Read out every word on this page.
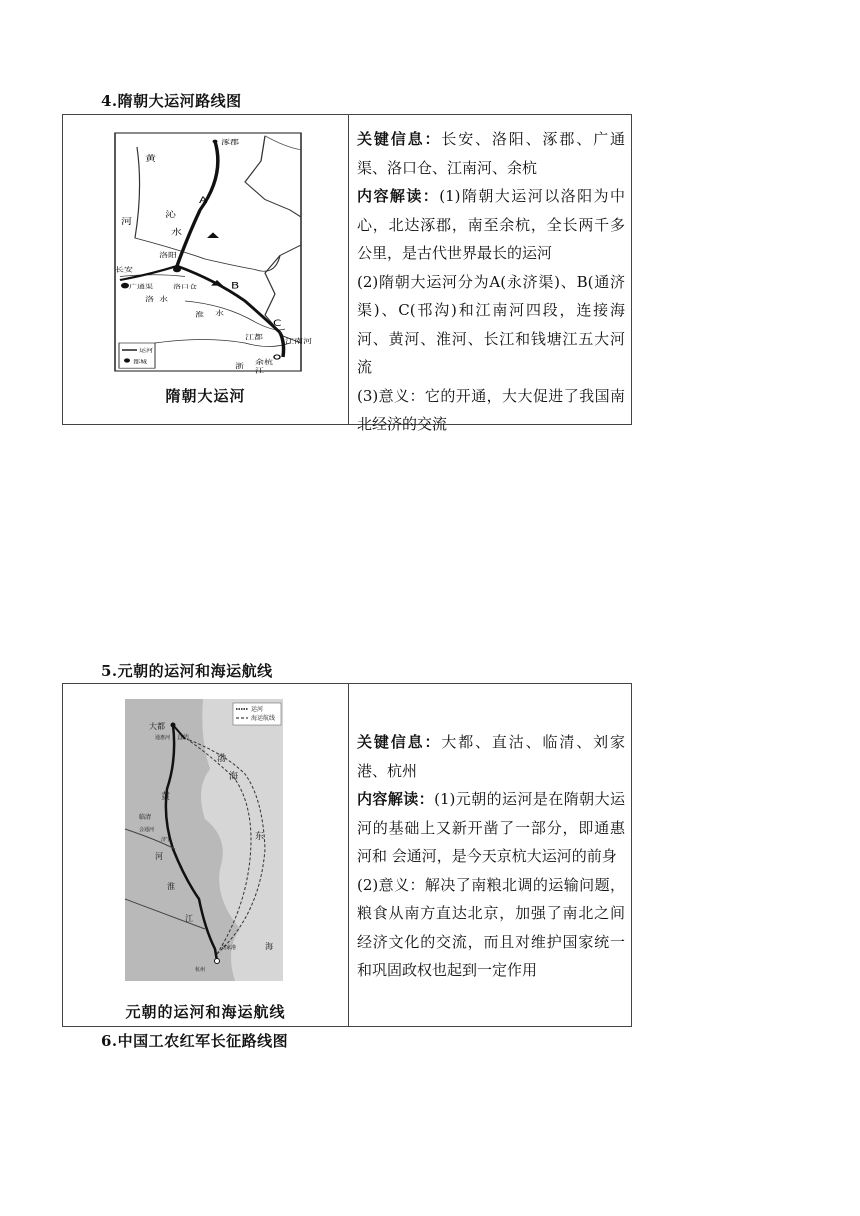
4.隋朝大运河路线图
涿郡
黄
河
沁
水
A
B
C
长安
洛阳
广通渠
洛 水
洛口仓
淮 水
江都
江南河
余杭
浙
江
运河
都城
隋朝大运河

关键信息：长安、洛阳、涿郡、广通渠、洛口仓、江南河、余杭

内容解读：(1)隋朝大运河以洛阳为中心，北达涿郡，南至余杭，全长两千多公里，是古代世界最长的运河

(2)隋朝大运河分为A(永济渠)、B(通济渠)、C(邗沟)和江南河四段，连接海河、黄河、淮河、长江和钱塘江五大河流

(3)意义：它的开通，大大促进了我国南北经济的交流

5.元朝的运河和海运航线
运河
海运航线
大都
直沽
通惠河
渤
海
黄
河
临清
会通河
济宁	东
淮
江
刘家港
杭州
海
元朝的运河和海运航线

关键信息：大都、直沽、临清、刘家港、杭州

内容解读：(1)元朝的运河是在隋朝大运河的基础上又新开凿了一部分，即通惠河和 会通河，是今天京杭大运河的前身

(2)意义：解决了南粮北调的运输问题，粮食从南方直达北京，加强了南北之间经济文化的交流，而且对维护国家统一和巩固政权也起到一定作用

6.中国工农红军长征路线图
